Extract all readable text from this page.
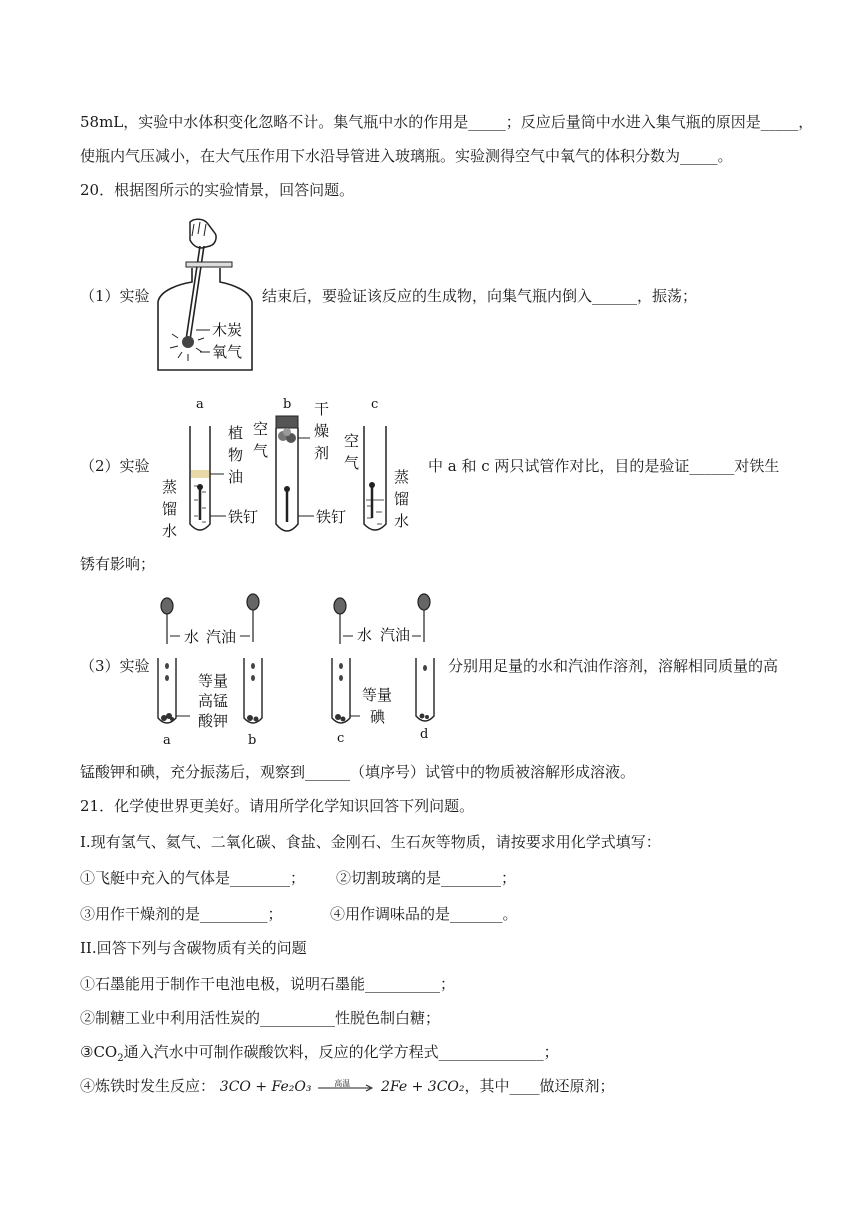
58mL，实验中水体积变化忽略不计。集气瓶中水的作用是_____；反应后量筒中水进入集气瓶的原因是_____，
使瓶内气压减小，在大气压作用下水沿导管进入玻璃瓶。实验测得空气中氧气的体积分数为_____。
20．根据图所示的实验情景，回答问题。
（1）实验
木炭
氧气
结束后，要验证该反应的生成物，向集气瓶内倒入______，振荡；
（2）实验
a	b	c
蒸
馏
水
植
物
油
铁钉
空
气
干
燥
剂
铁钉
空
气
蒸
馏
水
中 a 和 c 两只试管作对比，目的是验证______对铁生
锈有影响；
（3）实验
水 汽油	水 汽油
等量
高锰
酸钾
等量
碘
a	b	c	d
分别用足量的水和汽油作溶剂，溶解相同质量的高
锰酸钾和碘，充分振荡后，观察到______（填序号）试管中的物质被溶解形成溶液。
21．化学使世界更美好。请用所学化学知识回答下列问题。
I.现有氢气、氦气、二氧化碳、食盐、金刚石、生石灰等物质，请按要求用化学式填写：
①飞艇中充入的气体是________； ②切割玻璃的是________；
③用作干燥剂的是_________；	④用作调味品的是_______。
II.回答下列与含碳物质有关的问题
①石墨能用于制作干电池电极，说明石墨能__________；
②制糖工业中利用活性炭的__________性脱色制白糖；
$③CO_2$通入汽水中可制作碳酸饮料，反应的化学方程式______________；
④炼铁时发生反应： 3CO + Fe₂O₃	高温 2Fe + 3CO₂，其中____做还原剂；
